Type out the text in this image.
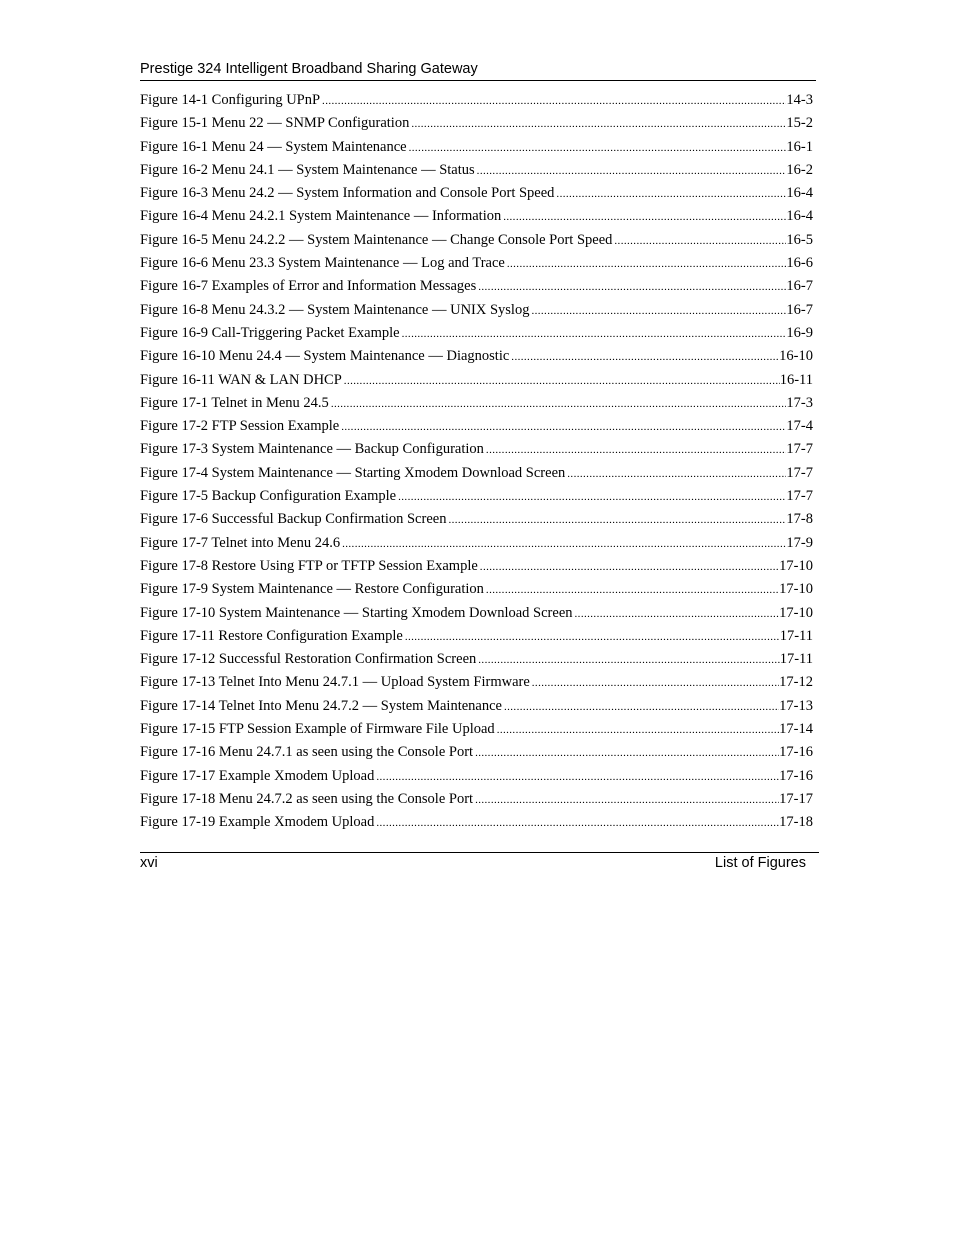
Prestige 324 Intelligent Broadband Sharing Gateway
Figure 14-1 Configuring UPnP .....	14-3
Figure 15-1 Menu 22 — SNMP Configuration .....	15-2
Figure 16-1 Menu 24 — System Maintenance .....	16-1
Figure 16-2 Menu 24.1 — System Maintenance — Status .....	16-2
Figure 16-3 Menu 24.2 — System Information and Console Port Speed .....	16-4
Figure 16-4 Menu 24.2.1 System Maintenance — Information .....	16-4
Figure 16-5 Menu 24.2.2 — System Maintenance — Change Console Port Speed .....	16-5
Figure 16-6 Menu 23.3 System Maintenance — Log and Trace .....	16-6
Figure 16-7 Examples of Error and Information Messages .....	16-7
Figure 16-8 Menu 24.3.2 — System Maintenance — UNIX Syslog .....	16-7
Figure 16-9 Call-Triggering Packet Example .....	16-9
Figure 16-10 Menu 24.4 — System Maintenance — Diagnostic .....	16-10
Figure 16-11 WAN & LAN DHCP .....	16-11
Figure 17-1 Telnet in Menu 24.5 .....	17-3
Figure 17-2 FTP Session Example .....	17-4
Figure 17-3 System Maintenance — Backup Configuration .....	17-7
Figure 17-4 System Maintenance — Starting Xmodem Download Screen .....	17-7
Figure 17-5 Backup Configuration Example .....	17-7
Figure 17-6 Successful Backup Confirmation Screen .....	17-8
Figure 17-7 Telnet into Menu 24.6 .....	17-9
Figure 17-8 Restore Using FTP or TFTP Session Example .....	17-10
Figure 17-9 System Maintenance — Restore Configuration .....	17-10
Figure 17-10 System Maintenance — Starting Xmodem Download Screen .....	17-10
Figure 17-11 Restore Configuration Example .....	17-11
Figure 17-12 Successful Restoration Confirmation Screen .....	17-11
Figure 17-13 Telnet Into Menu 24.7.1 — Upload System Firmware .....	17-12
Figure 17-14 Telnet Into Menu 24.7.2 — System Maintenance .....	17-13
Figure 17-15 FTP Session Example of Firmware File Upload .....	17-14
Figure 17-16 Menu 24.7.1 as seen using the Console Port .....	17-16
Figure 17-17 Example Xmodem Upload .....	17-16
Figure 17-18 Menu 24.7.2 as seen using the Console Port .....	17-17
Figure 17-19 Example Xmodem Upload .....	17-18
xvi	List of Figures
